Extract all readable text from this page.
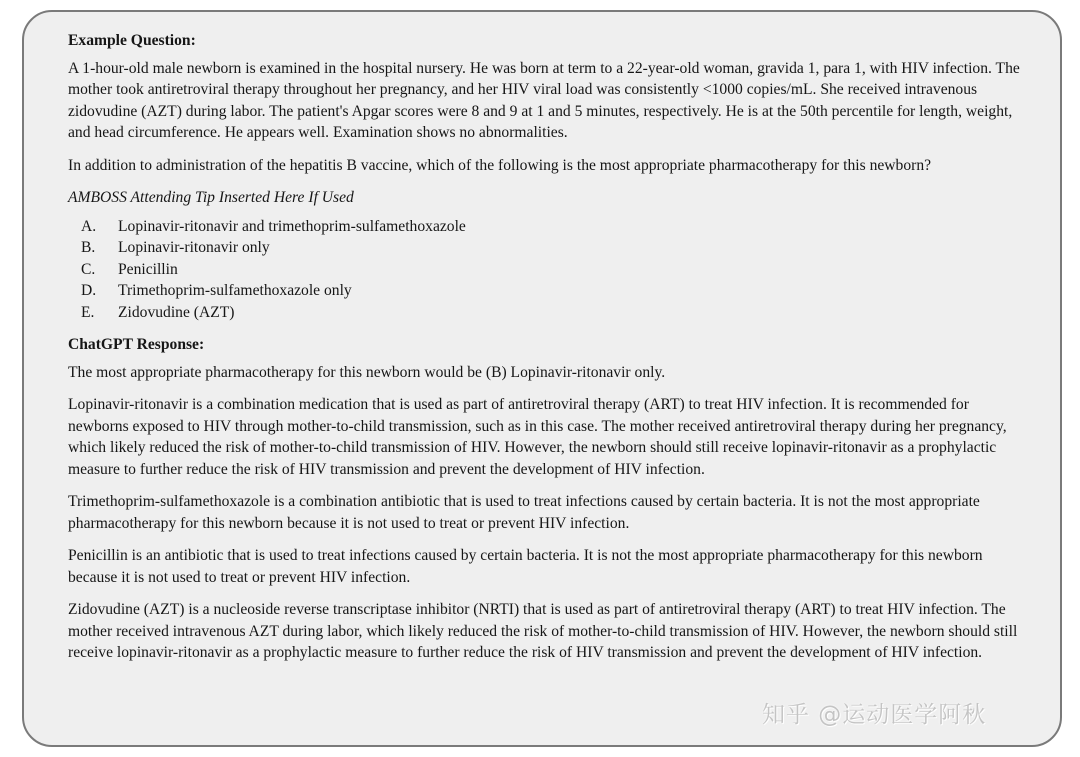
Example Question:

A 1-hour-old male newborn is examined in the hospital nursery. He was born at term to a 22-year-old woman, gravida 1, para 1, with HIV infection. The mother took antiretroviral therapy throughout her pregnancy, and her HIV viral load was consistently <1000 copies/mL. She received intravenous zidovudine (AZT) during labor. The patient's Apgar scores were 8 and 9 at 1 and 5 minutes, respectively. He is at the 50th percentile for length, weight, and head circumference. He appears well. Examination shows no abnormalities.

In addition to administration of the hepatitis B vaccine, which of the following is the most appropriate pharmacotherapy for this newborn?

AMBOSS Attending Tip Inserted Here If Used
A.	Lopinavir-ritonavir and trimethoprim-sulfamethoxazole
B.	Lopinavir-ritonavir only
C.	Penicillin
D.	Trimethoprim-sulfamethoxazole only
E.	Zidovudine (AZT)
ChatGPT Response:

The most appropriate pharmacotherapy for this newborn would be (B) Lopinavir-ritonavir only.

Lopinavir-ritonavir is a combination medication that is used as part of antiretroviral therapy (ART) to treat HIV infection. It is recommended for newborns exposed to HIV through mother-to-child transmission, such as in this case. The mother received antiretroviral therapy during her pregnancy, which likely reduced the risk of mother-to-child transmission of HIV. However, the newborn should still receive lopinavir-ritonavir as a prophylactic measure to further reduce the risk of HIV transmission and prevent the development of HIV infection.

Trimethoprim-sulfamethoxazole is a combination antibiotic that is used to treat infections caused by certain bacteria. It is not the most appropriate pharmacotherapy for this newborn because it is not used to treat or prevent HIV infection.

Penicillin is an antibiotic that is used to treat infections caused by certain bacteria. It is not the most appropriate pharmacotherapy for this newborn because it is not used to treat or prevent HIV infection.

Zidovudine (AZT) is a nucleoside reverse transcriptase inhibitor (NRTI) that is used as part of antiretroviral therapy (ART) to treat HIV infection. The mother received intravenous AZT during labor, which likely reduced the risk of mother-to-child transmission of HIV. However, the newborn should still receive lopinavir-ritonavir as a prophylactic measure to further reduce the risk of HIV transmission and prevent the development of HIV infection.

知乎 @运动医学阿秋
